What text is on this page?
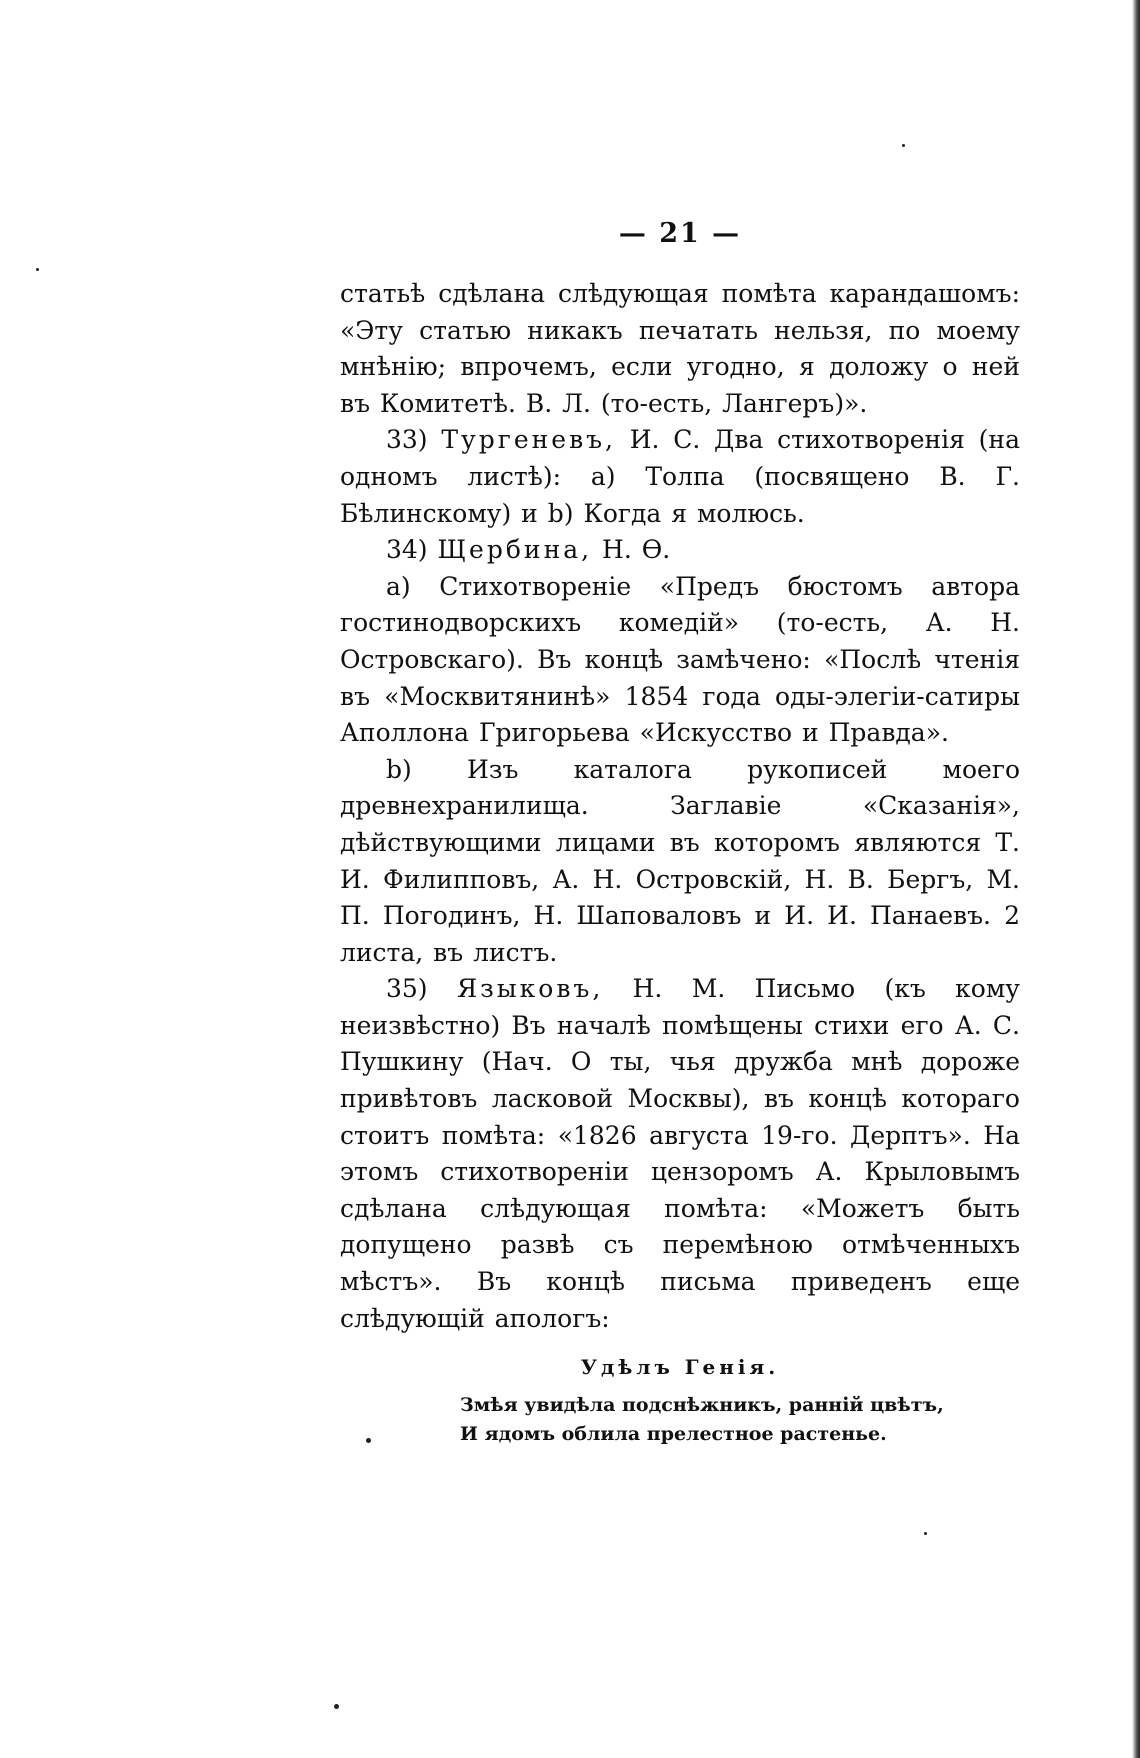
— 21 —

статьѣ сдѣлана слѣдующая помѣта карандашомъ: «Эту статью никакъ печатать нельзя, по моему мнѣнію; впрочемъ, если угодно, я доложу о ней въ Комитетѣ. В. Л. (то-есть, Лангеръ)».

33) Тургеневъ, И. С. Два стихотворенія (на одномъ листѣ): a) Толпа (посвящено В. Г. Бѣлинскому) и b) Когда я молюсь.

34) Щербина, Н. Ѳ.

a) Стихотвореніе «Предъ бюстомъ автора гостинодворскихъ комедій» (то-есть, А. Н. Островскаго). Въ концѣ замѣчено: «Послѣ чтенія въ «Москвитянинѣ» 1854 года оды-элегіи-сатиры Аполлона Григорьева «Искусство и Правда».

b) Изъ каталога рукописей моего древнехранилища. Заглавіе «Сказанія», дѣйствующими лицами въ которомъ являются Т. И. Филипповъ, А. Н. Островскій, Н. В. Бергъ, М. П. Погодинъ, Н. Шаповаловъ и И. И. Панаевъ. 2 листа, въ листъ.

35) Языковъ, Н. М. Письмо (къ кому неизвѣстно) Въ началѣ помѣщены стихи его А. С. Пушкину (Нач. О ты, чья дружба мнѣ дороже привѣтовъ ласковой Москвы), въ концѣ котораго стоитъ помѣта: «1826 августа 19-го. Дерптъ». На этомъ стихотвореніи цензоромъ А. Крыловымъ сдѣлана слѣдующая помѣта: «Можетъ быть допущено развѣ съ перемѣною отмѣченныхъ мѣстъ». Въ концѣ письма приведенъ еще слѣдующій апологъ:

Удѣлъ Генія.
Змѣя увидѣла подснѣжникъ, ранній цвѣтъ,
И ядомъ облила прелестное растенье.
